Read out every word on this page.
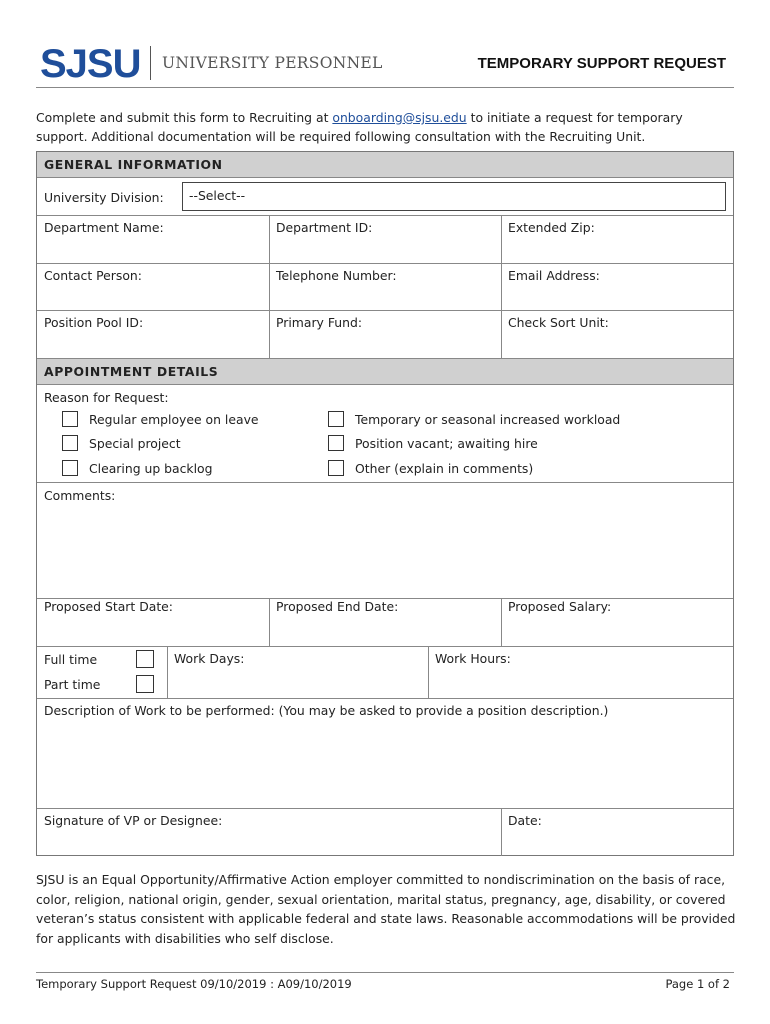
SJSU UNIVERSITY PERSONNEL	TEMPORARY SUPPORT REQUEST
Complete and submit this form to Recruiting at onboarding@sjsu.edu to initiate a request for temporary support. Additional documentation will be required following consultation with the Recruiting Unit.
GENERAL INFORMATION
University Division:	--Select--
Department Name:	Department ID:	Extended Zip:
Contact Person:	Telephone Number:	Email Address:
Position Pool ID:	Primary Fund:	Check Sort Unit:
APPOINTMENT DETAILS
Reason for Request:
Regular employee on leave
Special project
Clearing up backlog
Temporary or seasonal increased workload
Position vacant; awaiting hire
Other (explain in comments)
Comments:
Proposed Start Date:	Proposed End Date:	Proposed Salary:
Full time
Part time
Work Days:	Work Hours:
Description of Work to be performed: (You may be asked to provide a position description.)
Signature of VP or Designee:	Date:
SJSU is an Equal Opportunity/Affirmative Action employer committed to nondiscrimination on the basis of race, color, religion, national origin, gender, sexual orientation, marital status, pregnancy, age, disability, or covered veteran’s status consistent with applicable federal and state laws. Reasonable accommodations will be provided for applicants with disabilities who self disclose.
Temporary Support Request 09/10/2019 : A09/10/2019	Page 1 of 2
